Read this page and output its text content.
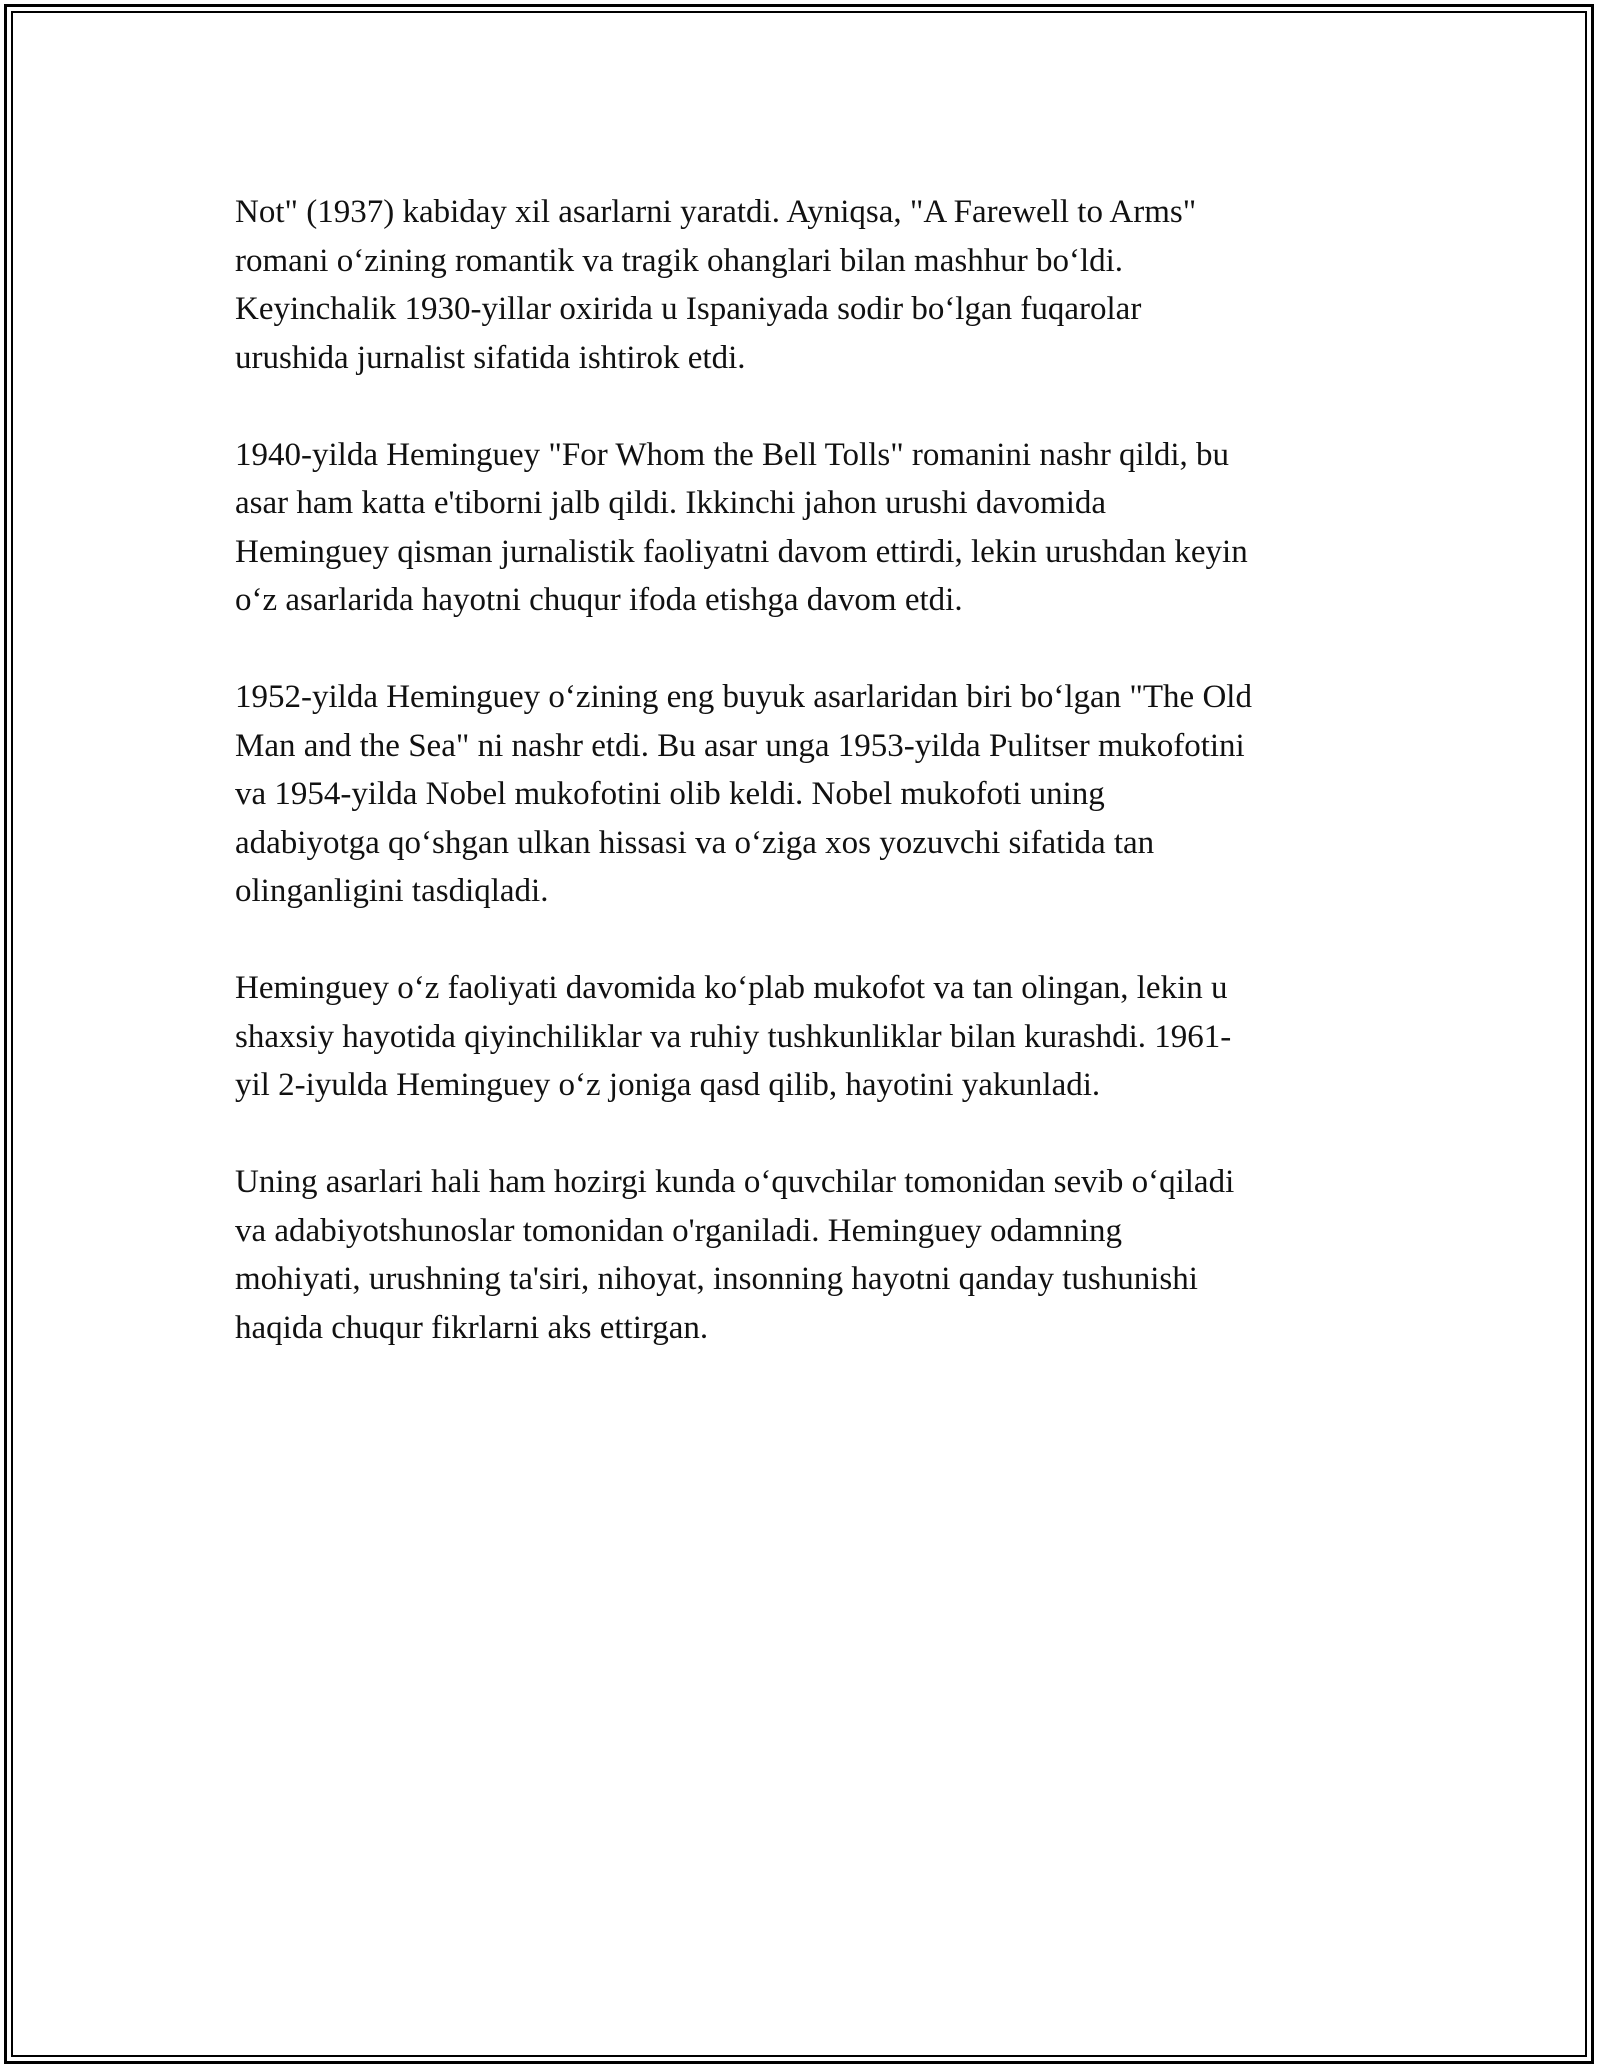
Not" (1937) kabiday xil asarlarni yaratdi. Ayniqsa, "A Farewell to Arms"
romani o‘zining romantik va tragik ohanglari bilan mashhur bo‘ldi.
Keyinchalik 1930-yillar oxirida u Ispaniyada sodir bo‘lgan fuqarolar
urushida jurnalist sifatida ishtirok etdi.

1940-yilda Heminguey "For Whom the Bell Tolls" romanini nashr qildi, bu
asar ham katta e'tiborni jalb qildi. Ikkinchi jahon urushi davomida
Heminguey qisman jurnalistik faoliyatni davom ettirdi, lekin urushdan keyin
o‘z asarlarida hayotni chuqur ifoda etishga davom etdi.

1952-yilda Heminguey o‘zining eng buyuk asarlaridan biri bo‘lgan "The Old
Man and the Sea" ni nashr etdi. Bu asar unga 1953-yilda Pulitser mukofotini
va 1954-yilda Nobel mukofotini olib keldi. Nobel mukofoti uning
adabiyotga qo‘shgan ulkan hissasi va o‘ziga xos yozuvchi sifatida tan
olinganligini tasdiqladi.

Heminguey o‘z faoliyati davomida ko‘plab mukofot va tan olingan, lekin u
shaxsiy hayotida qiyinchiliklar va ruhiy tushkunliklar bilan kurashdi. 1961-
yil 2-iyulda Heminguey o‘z joniga qasd qilib, hayotini yakunladi.

Uning asarlari hali ham hozirgi kunda o‘quvchilar tomonidan sevib o‘qiladi
va adabiyotshunoslar tomonidan o'rganiladi. Heminguey odamning
mohiyati, urushning ta'siri, nihoyat, insonning hayotni qanday tushunishi
haqida chuqur fikrlarni aks ettirgan.
